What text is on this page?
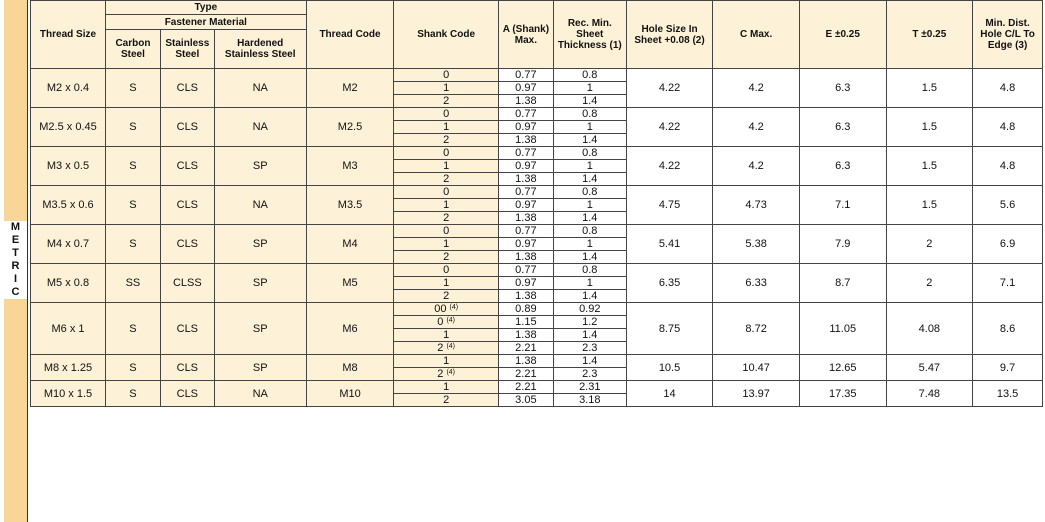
M
E
T
R
I
C
Thread Size	Type			Thread Code	Shank Code	A (Shank) Max.	Rec. Min. Sheet Thickness (1)	Hole Size In Sheet +0.08 (2)	C Max.	E ±0.25	T ±0.25	Min. Dist. Hole C/L To Edge (3)
	Fastener Material											
	Carbon Steel	Stainless Steel	Hardened Stainless Steel									
M2 x 0.4	S	CLS	NA	M2	0	0.77	0.8	4.22	4.2	6.3	1.5	4.8
					1	0.97	1					
					2	1.38	1.4					
M2.5 x 0.45	S	CLS	NA	M2.5	0	0.77	0.8	4.22	4.2	6.3	1.5	4.8
					1	0.97	1					
					2	1.38	1.4					
M3 x 0.5	S	CLS	SP	M3	0	0.77	0.8	4.22	4.2	6.3	1.5	4.8
					1	0.97	1					
					2	1.38	1.4					
M3.5 x 0.6	S	CLS	NA	M3.5	0	0.77	0.8	4.75	4.73	7.1	1.5	5.6
					1	0.97	1					
					2	1.38	1.4					
M4 x 0.7	S	CLS	SP	M4	0	0.77	0.8	5.41	5.38	7.9	2	6.9
					1	0.97	1					
					2	1.38	1.4					
M5 x 0.8	SS	CLSS	SP	M5	0	0.77	0.8	6.35	6.33	8.7	2	7.1
					1	0.97	1					
					2	1.38	1.4					
M6 x 1	S	CLS	SP	M6	00 $^{(4)}$	0.89	0.92	8.75	8.72	11.05	4.08	8.6
					0 $^{(4)}$	1.15	1.2					
					1	1.38	1.4					
					2 $^{(4)}$	2.21	2.3					
M8 x 1.25	S	CLS	SP	M8	1	1.38	1.4	10.5	10.47	12.65	5.47	9.7
					2 $^{(4)}$	2.21	2.3					
M10 x 1.5	S	CLS	NA	M10	1	2.21	2.31	14	13.97	17.35	7.48	13.5
					2	3.05	3.18					
